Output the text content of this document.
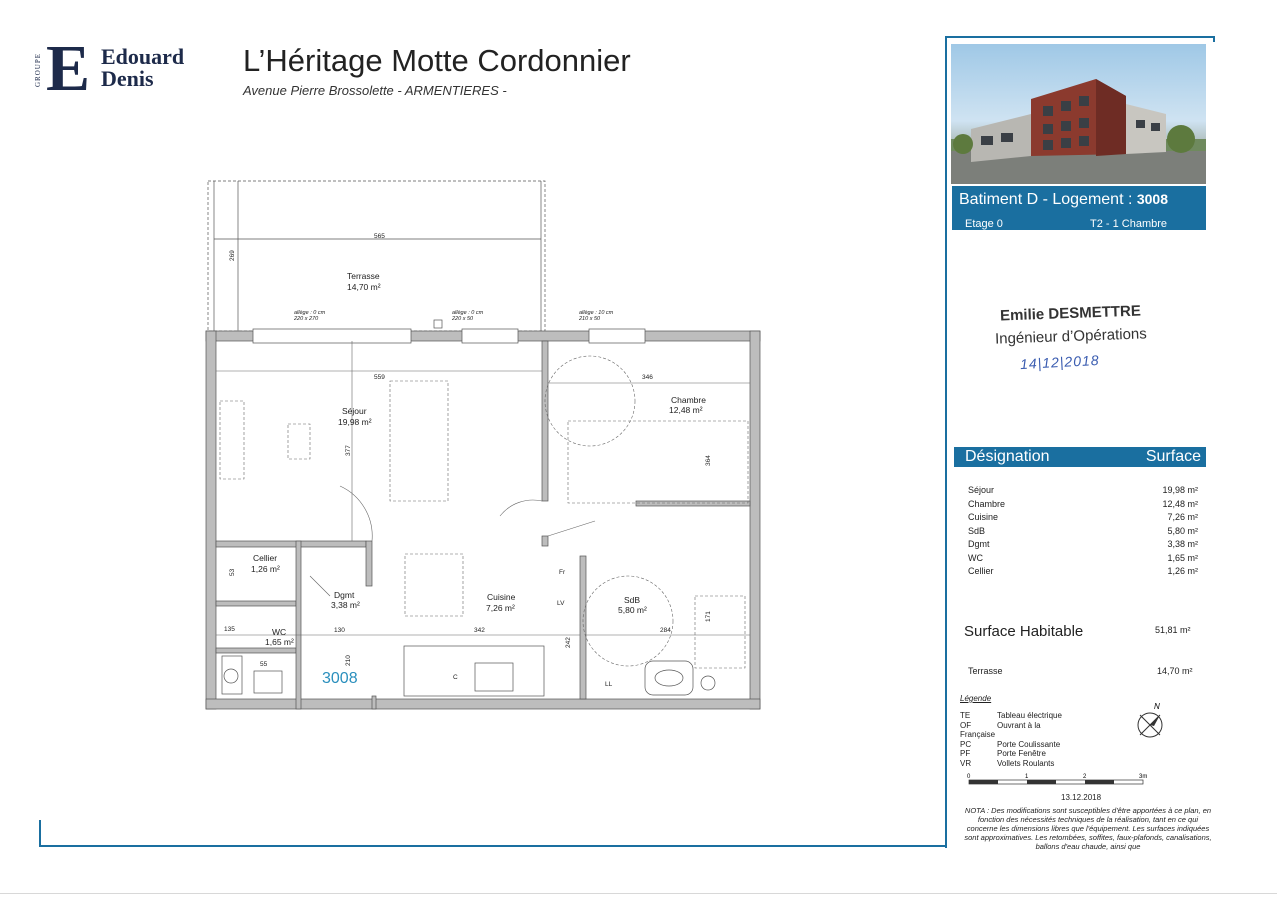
GROUPE E Edouard
Denis
L’Héritage Motte Cordonnier
Avenue Pierre Brossolette - ARMENTIERES -
Batiment D - Logement : 3008
Etage 0	T2 - 1 Chambre
Emilie DESMETTRE
Ingénieur d’Opérations
14|12|2018
Désignation	Surface
Séjour	19,98 m²
Chambre	12,48 m²
Cuisine	7,26 m²
SdB	5,80 m²
Dgmt	3,38 m²
WC	1,65 m²
Cellier	1,26 m²
Surface Habitable	51,81 m²
Terrasse	14,70 m²
Légende
TE	Tableau électrique
OF	Ouvrant à la
Française
PC	Porte Coulissante
PF	Porte Fenêtre
VR	Vollets Roulants
N
0	1	2	3m
13.12.2018
NOTA : Des modifications sont susceptibles d'être apportées à ce plan, en fonction des nécessités techniques de la réalisation, tant en ce qui concerne les dimensions libres que l'équipement. Les surfaces indiquées sont approximatives. Les retombées, soffites, faux-plafonds, canalisations, ballons d'eau chaude, ainsi que
Terrasse
14,70 m²
Séjour
19,98 m²
Chambre
12,48 m²
Cellier
1,26 m²
Dgmt
3,38 m²
Cuisine
7,26 m²
SdB
5,80 m²
WC
1,65 m²
3008
565
269
559	346
377
364
53
135	130	342	284
242
171
55	210
allège : 0 cm
220 x 270
allège : 0 cm
220 x 50
allège : 10 cm
210 x 50
Fr
LV
C
LL
